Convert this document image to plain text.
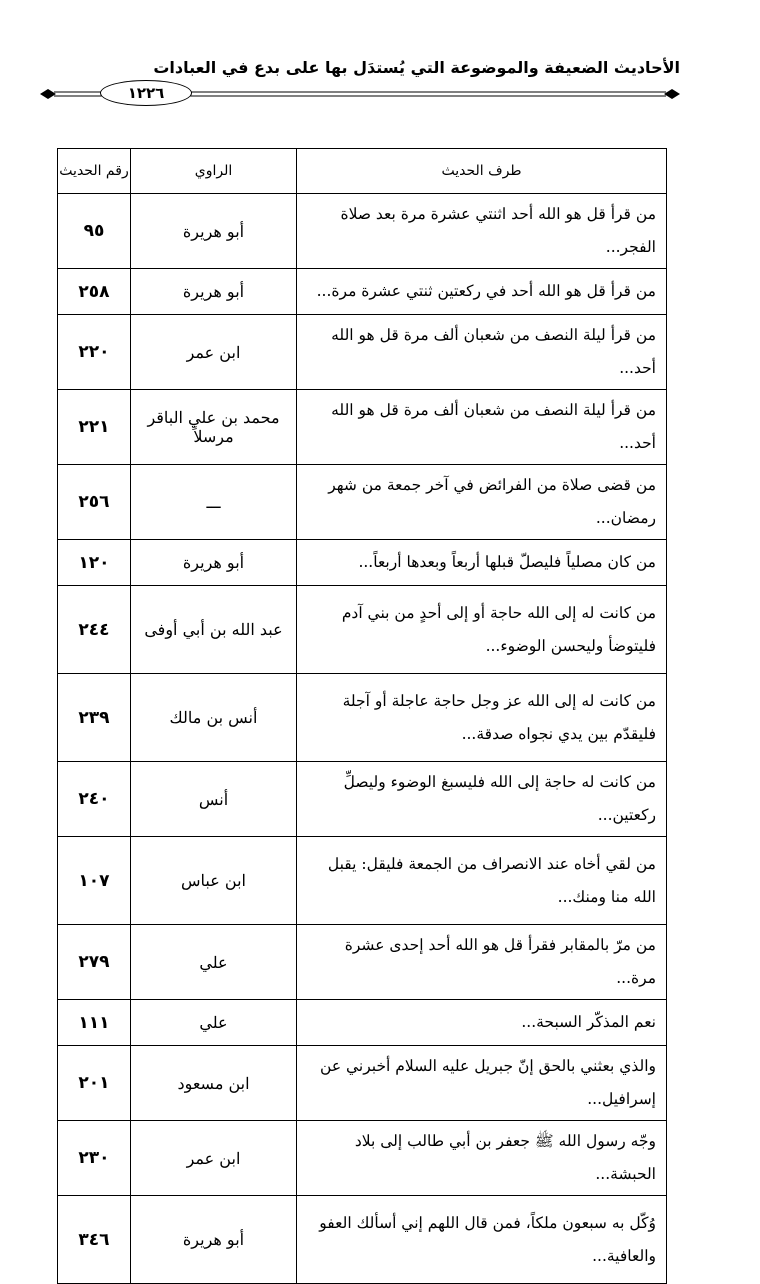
الأحاديث الضعيفة والموضوعة التي يُستدَل بها على بدع في العبادات
١٢٢٦
طرف الحديث	الراوي	رقم الحديث
من قرأ قل هو الله أحد اثنتي عشرة مرة بعد صلاة الفجر...	أبو هريرة	٩٥
من قرأ قل هو الله أحد في ركعتين ثنتي عشرة مرة...	أبو هريرة	٢٥٨
من قرأ ليلة النصف من شعبان ألف مرة قل هو الله أحد...	ابن عمر	٢٢٠
من قرأ ليلة النصف من شعبان ألف مرة قل هو الله أحد...	محمد بن علي الباقر مرسلاً	٢٢١
من قضى صلاة من الفرائض في آخر جمعة من شهر رمضان...	ـــ	٢٥٦
من كان مصلياً فليصلّ قبلها أربعاً وبعدها أربعاً...	أبو هريرة	١٢٠
من كانت له إلى الله حاجة أو إلى أحدٍ من بني آدم فليتوضأ وليحسن الوضوء...	عبد الله بن أبي أوفى	٢٤٤
من كانت له إلى الله عز وجل حاجة عاجلة أو آجلة فليقدّم بين يدي نجواه صدقة...	أنس بن مالك	٢٣٩
من كانت له حاجة إلى الله فليسبغ الوضوء وليصلِّ ركعتين...	أنس	٢٤٠
من لقي أخاه عند الانصراف من الجمعة فليقل: يقبل الله منا ومنك...	ابن عباس	١٠٧
من مرّ بالمقابر فقرأ قل هو الله أحد إحدى عشرة مرة...	علي	٢٧٩
نعم المذكّر السبحة...	علي	١١١
والذي بعثني بالحق إنّ جبريل عليه السلام أخبرني عن إسرافيل...	ابن مسعود	٢٠١
وجّه رسول الله ﷺ جعفر بن أبي طالب إلى بلاد الحبشة...	ابن عمر	٢٣٠
وُكّل به سبعون ملكاً، فمن قال اللهم إني أسألك العفو والعافية...	أبو هريرة	٣٤٦
